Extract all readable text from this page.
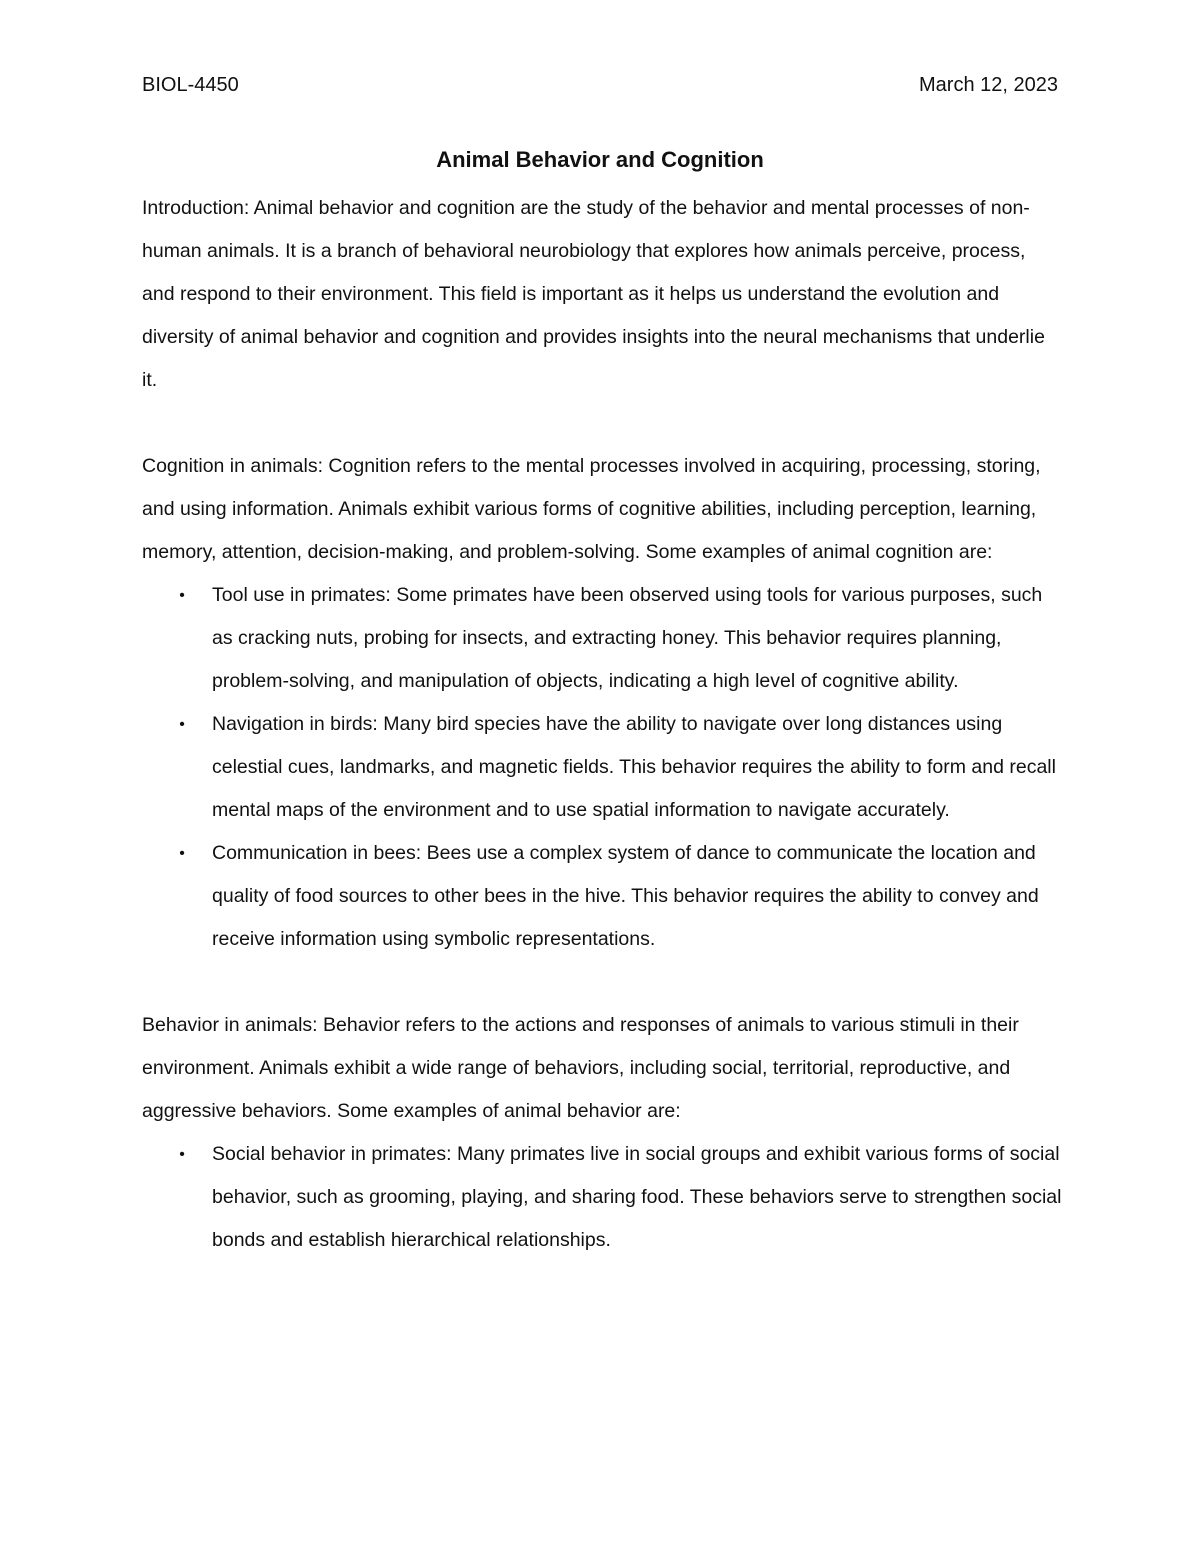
BIOL-4450	March 12, 2023
Animal Behavior and Cognition

Introduction: Animal behavior and cognition are the study of the behavior and mental processes of non-human animals. It is a branch of behavioral neurobiology that explores how animals perceive, process, and respond to their environment. This field is important as it helps us understand the evolution and diversity of animal behavior and cognition and provides insights into the neural mechanisms that underlie it.

Cognition in animals: Cognition refers to the mental processes involved in acquiring, processing, storing, and using information. Animals exhibit various forms of cognitive abilities, including perception, learning, memory, attention, decision-making, and problem-solving. Some examples of animal cognition are:

•	Tool use in primates: Some primates have been observed using tools for various purposes, such as cracking nuts, probing for insects, and extracting honey. This behavior requires planning, problem-solving, and manipulation of objects, indicating a high level of cognitive ability.
•	Navigation in birds: Many bird species have the ability to navigate over long distances using celestial cues, landmarks, and magnetic fields. This behavior requires the ability to form and recall mental maps of the environment and to use spatial information to navigate accurately.
•	Communication in bees: Bees use a complex system of dance to communicate the location and quality of food sources to other bees in the hive. This behavior requires the ability to convey and receive information using symbolic representations.

Behavior in animals: Behavior refers to the actions and responses of animals to various stimuli in their environment. Animals exhibit a wide range of behaviors, including social, territorial, reproductive, and aggressive behaviors. Some examples of animal behavior are:

•	Social behavior in primates: Many primates live in social groups and exhibit various forms of social behavior, such as grooming, playing, and sharing food. These behaviors serve to strengthen social bonds and establish hierarchical relationships.
